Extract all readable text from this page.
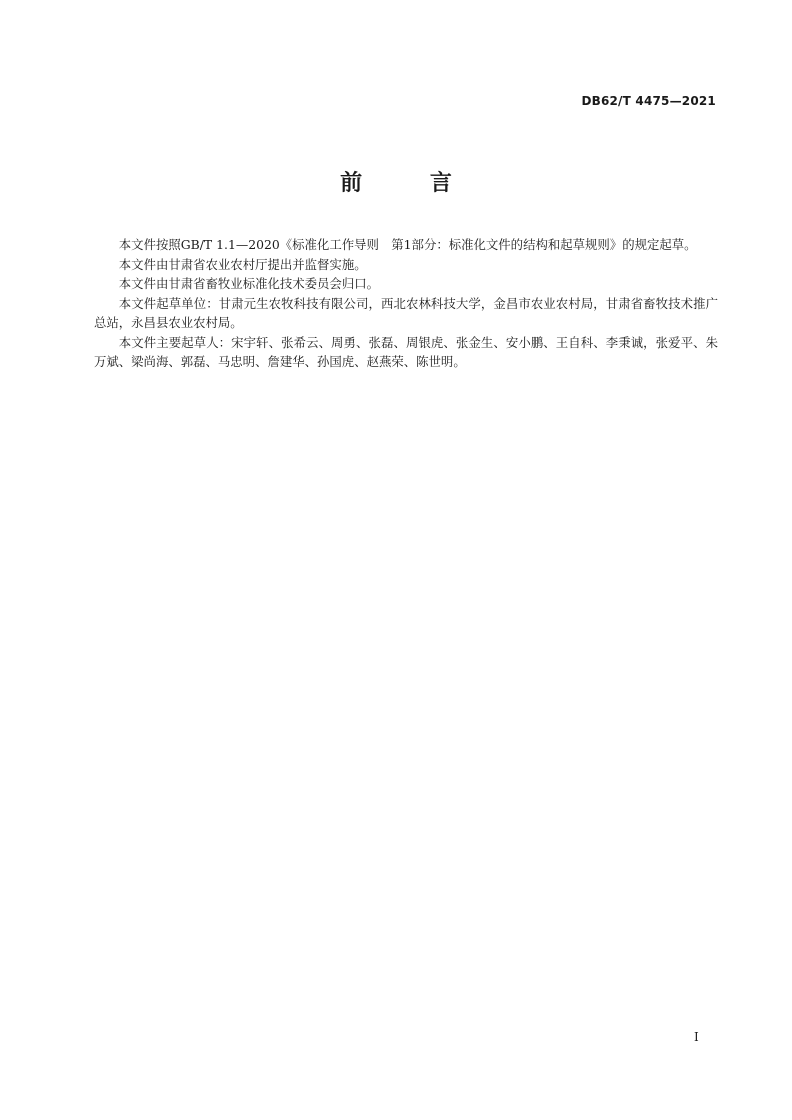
DB62/T 4475—2021
前 言

本文件按照GB/T 1.1—2020《标准化工作导则　第1部分：标准化文件的结构和起草规则》的规定起草。

本文件由甘肃省农业农村厅提出并监督实施。

本文件由甘肃省畜牧业标准化技术委员会归口。

本文件起草单位：甘肃元生农牧科技有限公司，西北农林科技大学，金昌市农业农村局，甘肃省畜牧技术推广总站，永昌县农业农村局。

本文件主要起草人：宋宇轩、张希云、周勇、张磊、周银虎、张金生、安小鹏、王自科、李秉诚，张爱平、朱万斌、梁尚海、郭磊、马忠明、詹建华、孙国虎、赵燕荣、陈世明。

I
